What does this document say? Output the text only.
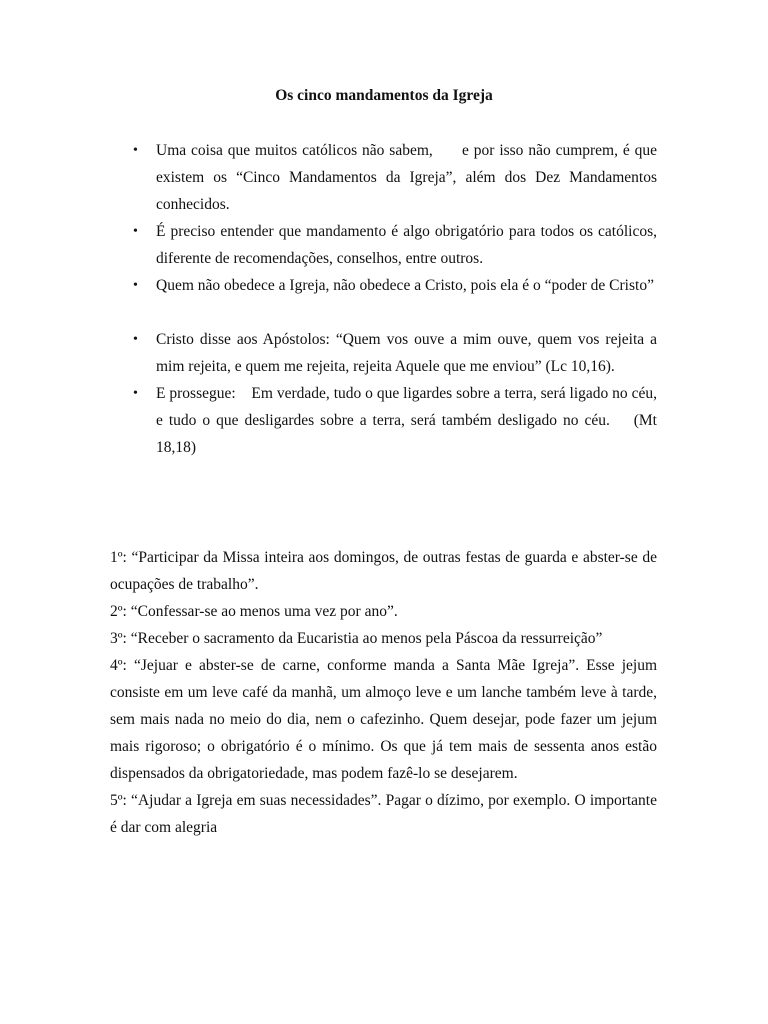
Os cinco mandamentos da Igreja
• Uma coisa que muitos católicos não sabem,      e por isso não cumprem, é que existem os “Cinco Mandamentos da Igreja”, além dos Dez Mandamentos conhecidos.
• É preciso entender que mandamento é algo obrigatório para todos os católicos, diferente de recomendações, conselhos, entre outros.
• Quem não obedece a Igreja, não obedece a Cristo, pois ela é o “poder de Cristo”
• Cristo disse aos Apóstolos: “Quem vos ouve a mim ouve, quem vos rejeita a mim rejeita, e quem me rejeita, rejeita Aquele que me enviou” (Lc 10,16).
• E prossegue:    Em verdade, tudo o que ligardes sobre a terra, será ligado no céu, e tudo o que desligardes sobre a terra, será também desligado no céu.    (Mt 18,18)

1º: “Participar da Missa inteira aos domingos, de outras festas de guarda e abster-se de ocupações de trabalho”.

2º: “Confessar-se ao menos uma vez por ano”.

3º: “Receber o sacramento da Eucaristia ao menos pela Páscoa da ressurreição”

4º: “Jejuar e abster-se de carne, conforme manda a Santa Mãe Igreja”. Esse jejum consiste em um leve café da manhã, um almoço leve e um lanche também leve à tarde, sem mais nada no meio do dia, nem o cafezinho. Quem desejar, pode fazer um jejum mais rigoroso; o obrigatório é o mínimo. Os que já tem mais de sessenta anos estão dispensados da obrigatoriedade, mas podem fazê-lo se desejarem.

5º: “Ajudar a Igreja em suas necessidades”. Pagar o dízimo, por exemplo. O importante é dar com alegria
